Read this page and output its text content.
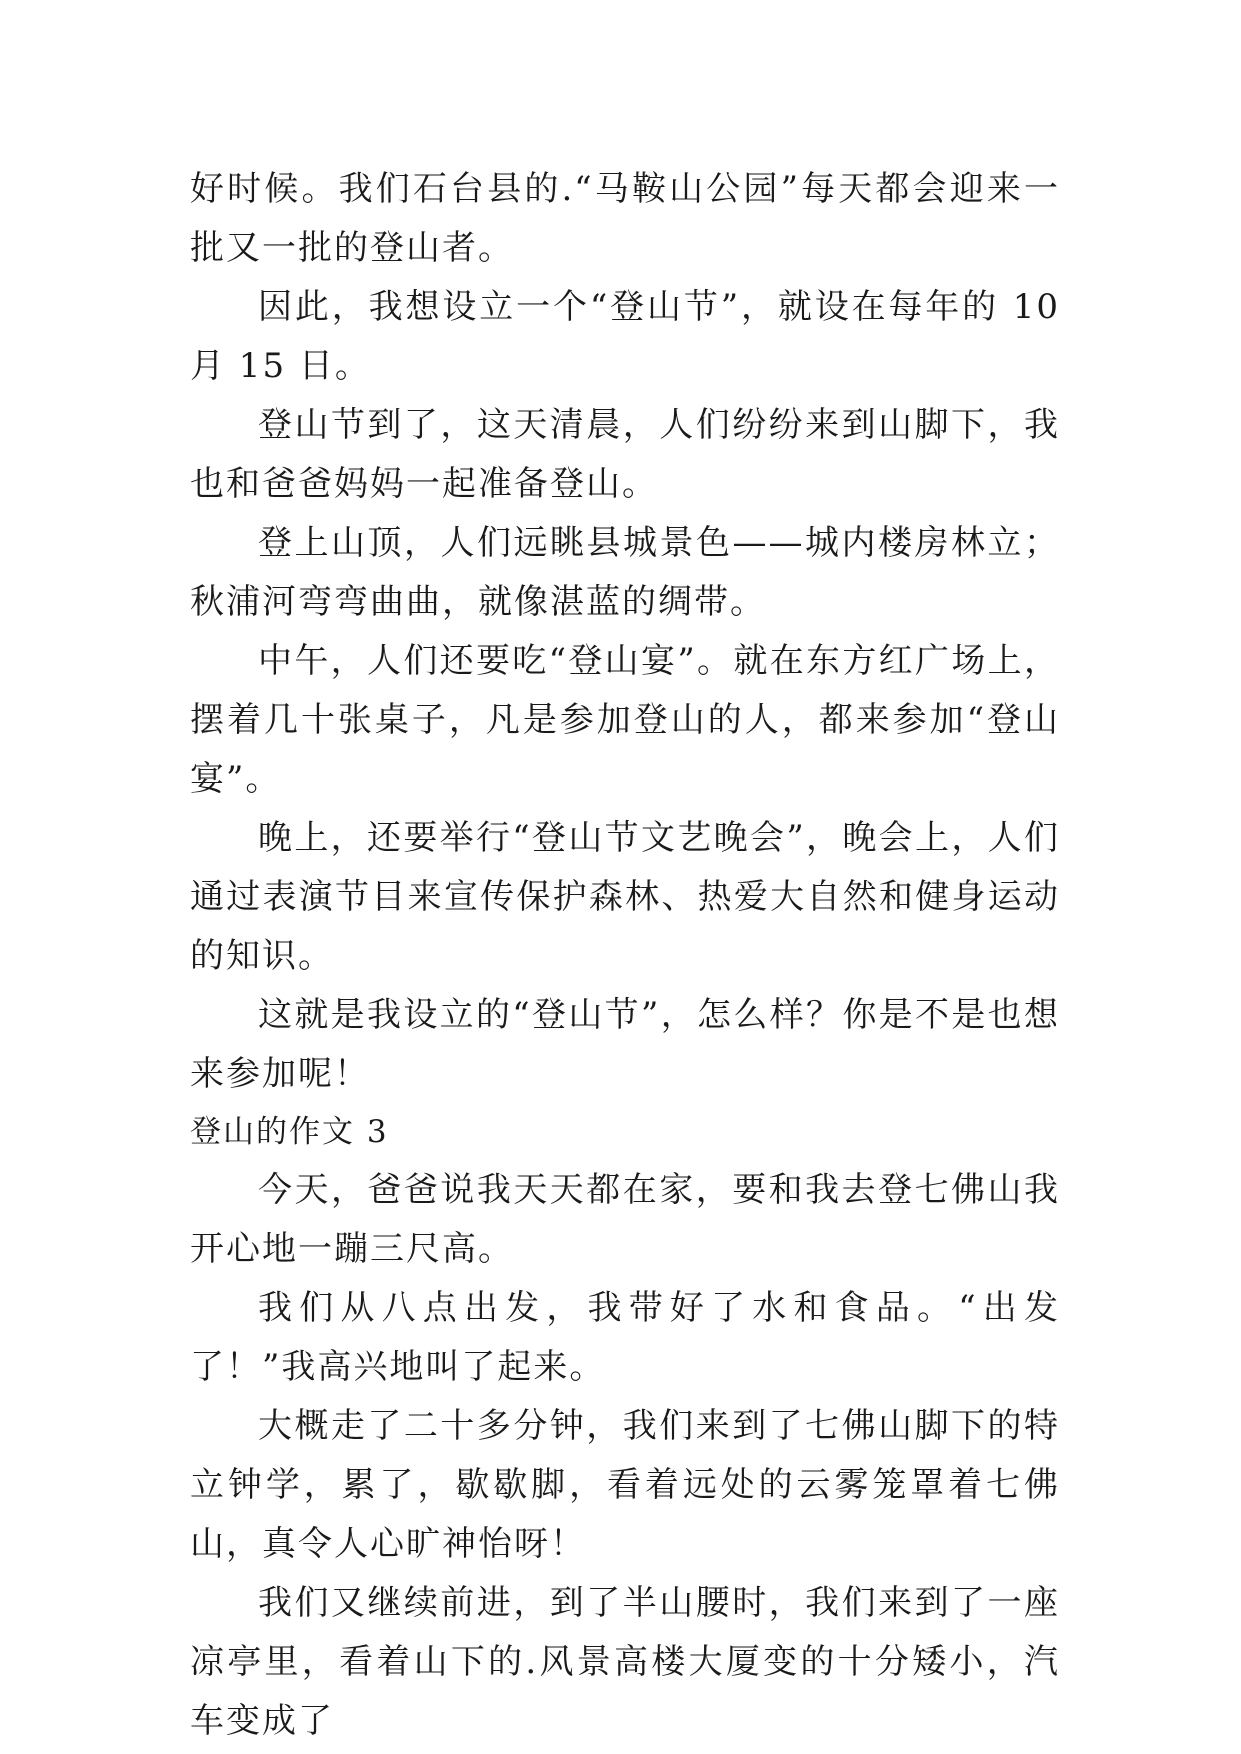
好时候。我们石台县的.“马鞍山公园”每天都会迎来一批又一批的登山者。

因此，我想设立一个“登山节”，就设在每年的 10 月 15 日。

登山节到了，这天清晨，人们纷纷来到山脚下，我也和爸爸妈妈一起准备登山。

登上山顶，人们远眺县城景色——城内楼房林立；秋浦河弯弯曲曲，就像湛蓝的绸带。

中午，人们还要吃“登山宴”。就在东方红广场上，摆着几十张桌子，凡是参加登山的人，都来参加“登山宴”。

晚上，还要举行“登山节文艺晚会”，晚会上，人们通过表演节目来宣传保护森林、热爱大自然和健身运动的知识。

这就是我设立的“登山节”，怎么样？你是不是也想来参加呢！

登山的作文 3

今天，爸爸说我天天都在家，要和我去登七佛山我开心地一蹦三尺高。

我们从八点出发，我带好了水和食品。“出发了！”我高兴地叫了起来。

大概走了二十多分钟，我们来到了七佛山脚下的特立钟学，累了，歇歇脚，看着远处的云雾笼罩着七佛山，真令人心旷神怡呀！

我们又继续前进，到了半山腰时，我们来到了一座凉亭里，看着山下的.风景高楼大厦变的十分矮小，汽车变成了
